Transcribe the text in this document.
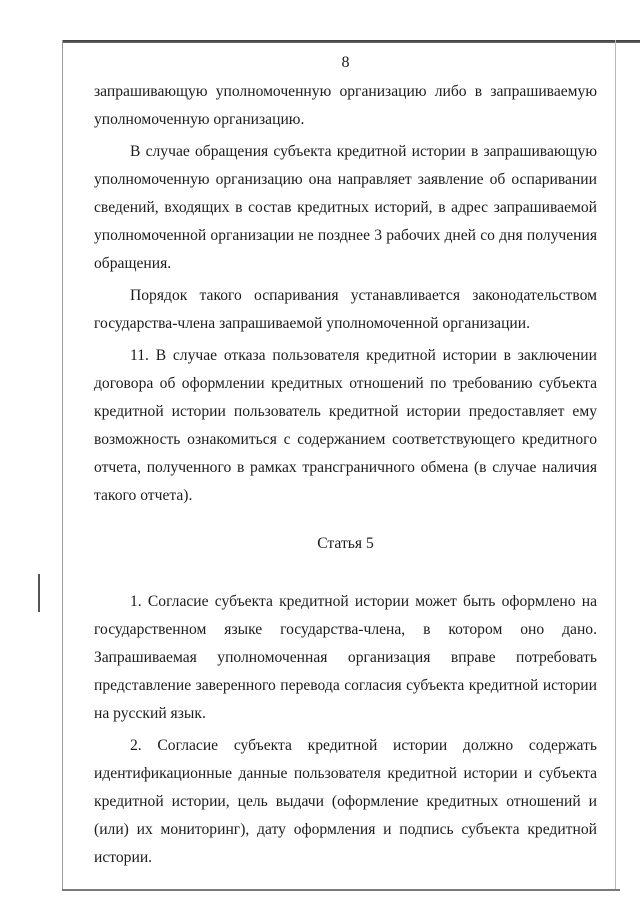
8

запрашивающую уполномоченную организацию либо в запрашиваемую уполномоченную организацию.

В случае обращения субъекта кредитной истории в запрашивающую уполномоченную организацию она направляет заявление об оспаривании сведений, входящих в состав кредитных историй, в адрес запрашиваемой уполномоченной организации не позднее 3 рабочих дней со дня получения обращения.

Порядок такого оспаривания устанавливается законодательством государства-члена запрашиваемой уполномоченной организации.

11. В случае отказа пользователя кредитной истории в заключении договора об оформлении кредитных отношений по требованию субъекта кредитной истории пользователь кредитной истории предоставляет ему возможность ознакомиться с содержанием соответствующего кредитного отчета, полученного в рамках трансграничного обмена (в случае наличия такого отчета).

Статья 5

1. Согласие субъекта кредитной истории может быть оформлено на государственном языке государства-члена, в котором оно дано. Запрашиваемая уполномоченная организация вправе потребовать представление заверенного перевода согласия субъекта кредитной истории на русский язык.

2. Согласие субъекта кредитной истории должно содержать идентификационные данные пользователя кредитной истории и субъекта кредитной истории, цель выдачи (оформление кредитных отношений и (или) их мониторинг), дату оформления и подпись субъекта кредитной истории.
